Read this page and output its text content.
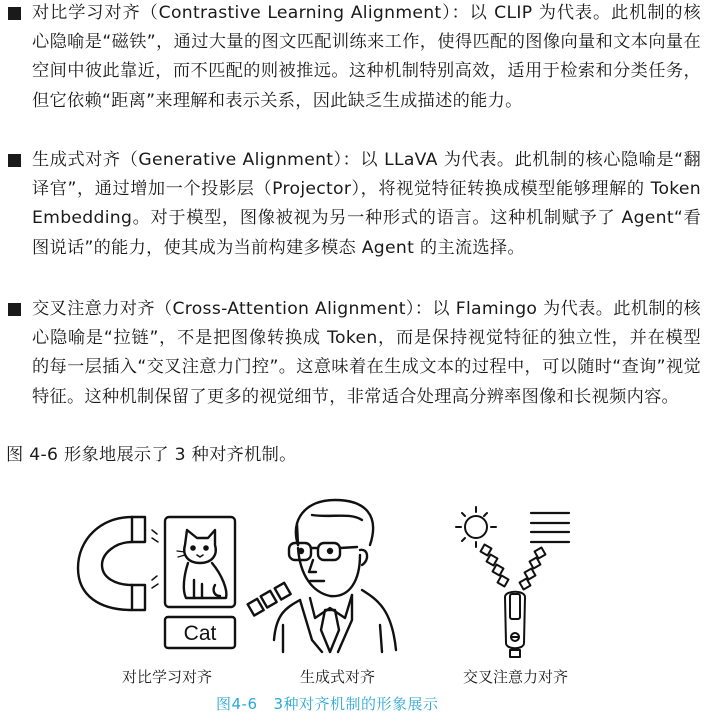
对比学习对齐（Contrastive Learning Alignment）：以 CLIP 为代表。此机制的核心隐喻是“磁铁”，通过大量的图文匹配训练来工作，使得匹配的图像向量和文本向量在空间中彼此靠近，而不匹配的则被推远。这种机制特别高效，适用于检索和分类任务，但它依赖“距离”来理解和表示关系，因此缺乏生成描述的能力。
生成式对齐（Generative Alignment）：以 LLaVA 为代表。此机制的核心隐喻是“翻译官”，通过增加一个投影层（Projector），将视觉特征转换成模型能够理解的 Token Embedding。对于模型，图像被视为另一种形式的语言。这种机制赋予了 Agent“看图说话”的能力，使其成为当前构建多模态 Agent 的主流选择。
交叉注意力对齐（Cross-Attention Alignment）：以 Flamingo 为代表。此机制的核心隐喻是“拉链”，不是把图像转换成 Token，而是保持视觉特征的独立性，并在模型的每一层插入“交叉注意力门控”。这意味着在生成文本的过程中，可以随时“查询”视觉特征。这种机制保留了更多的视觉细节，非常适合处理高分辨率图像和长视频内容。
图 4-6 形象地展示了 3 种对齐机制。
Cat
对比学习对齐	生成式对齐	交叉注意力对齐
图4-6 3种对齐机制的形象展示
